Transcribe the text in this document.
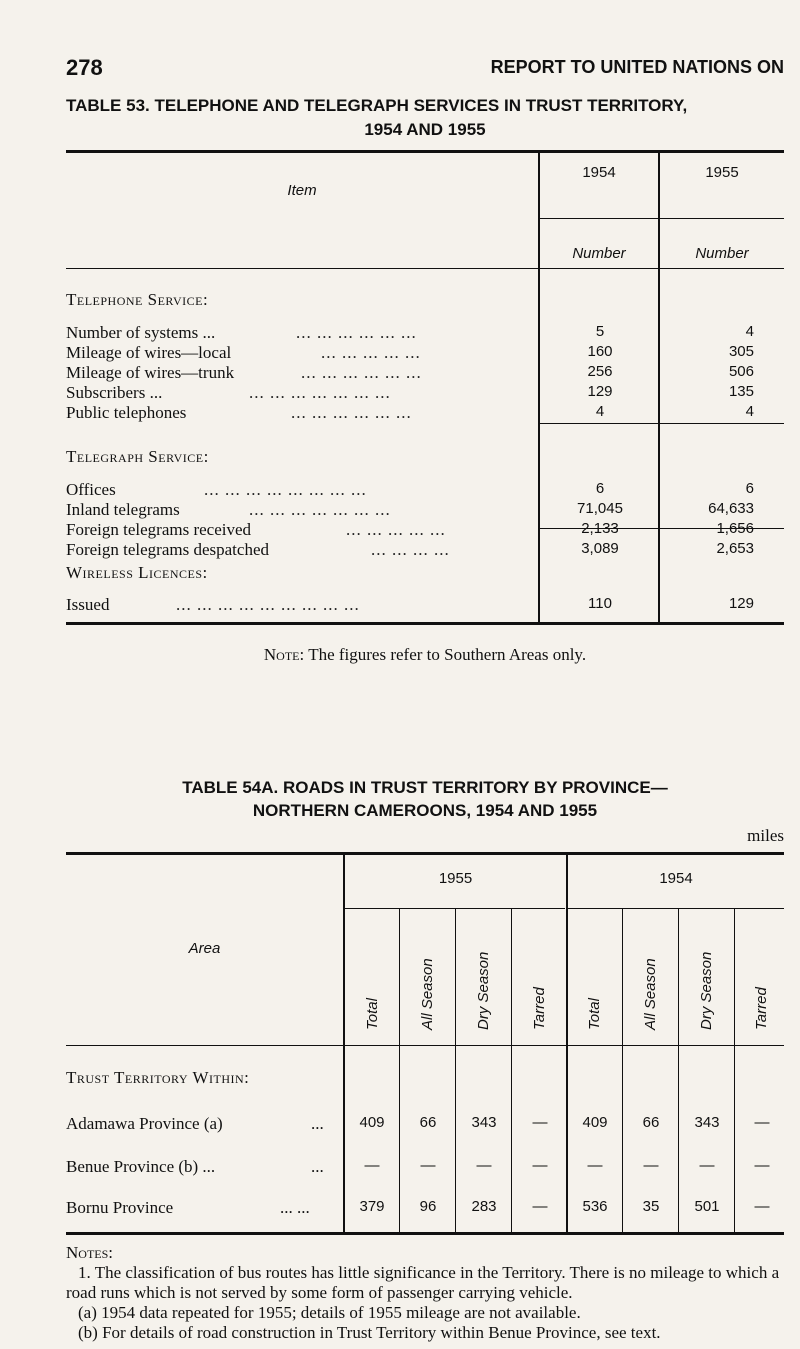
278	REPORT TO UNITED NATIONS ON
TABLE 53. TELEPHONE AND TELEGRAPH SERVICES IN TRUST TERRITORY,
1954 AND 1955
Item
1954	1955
Number	Number
Telephone Service:
Number of systems ...	... ... ... ... ... ...	5	4
Mileage of wires—local	... ... ... ... ...	160	305
Mileage of wires—trunk	... ... ... ... ... ...	256	506
Subscribers ...	... ... ... ... ... ... ...	129	135
Public telephones	... ... ... ... ... ...	4	4
Telegraph Service:
Offices	... ... ... ... ... ... ... ...	6	6
Inland telegrams	... ... ... ... ... ... ...	71,045	64,633
Foreign telegrams received	... ... ... ... ...	2,133	1,656
Foreign telegrams despatched	... ... ... ...	3,089	2,653
Wireless Licences:
Issued	... ... ... ... ... ... ... ... ...	110	129
Note: The figures refer to Southern Areas only.
TABLE 54A. ROADS IN TRUST TERRITORY BY PROVINCE—
NORTHERN CAMEROONS, 1954 AND 1955
miles
Area
1955	1954
Total	All Season	Dry Season	Tarred	Total	All Season	Dry Season	Tarred
Trust Territory Within:
Adamawa Province (a)	...	409	66	343	—	409	66	343	—
Benue Province (b) ...	...	—	—	—	—	—	—	—	—
Bornu Province	... ...	379	96	283	—	536	35	501	—

Notes:

1. The classification of bus routes has little significance in the Territory. There is no mileage to which a road runs which is not served by some form of passenger carrying vehicle.

(a) 1954 data repeated for 1955; details of 1955 mileage are not available.

(b) For details of road construction in Trust Territory within Benue Province, see text.
